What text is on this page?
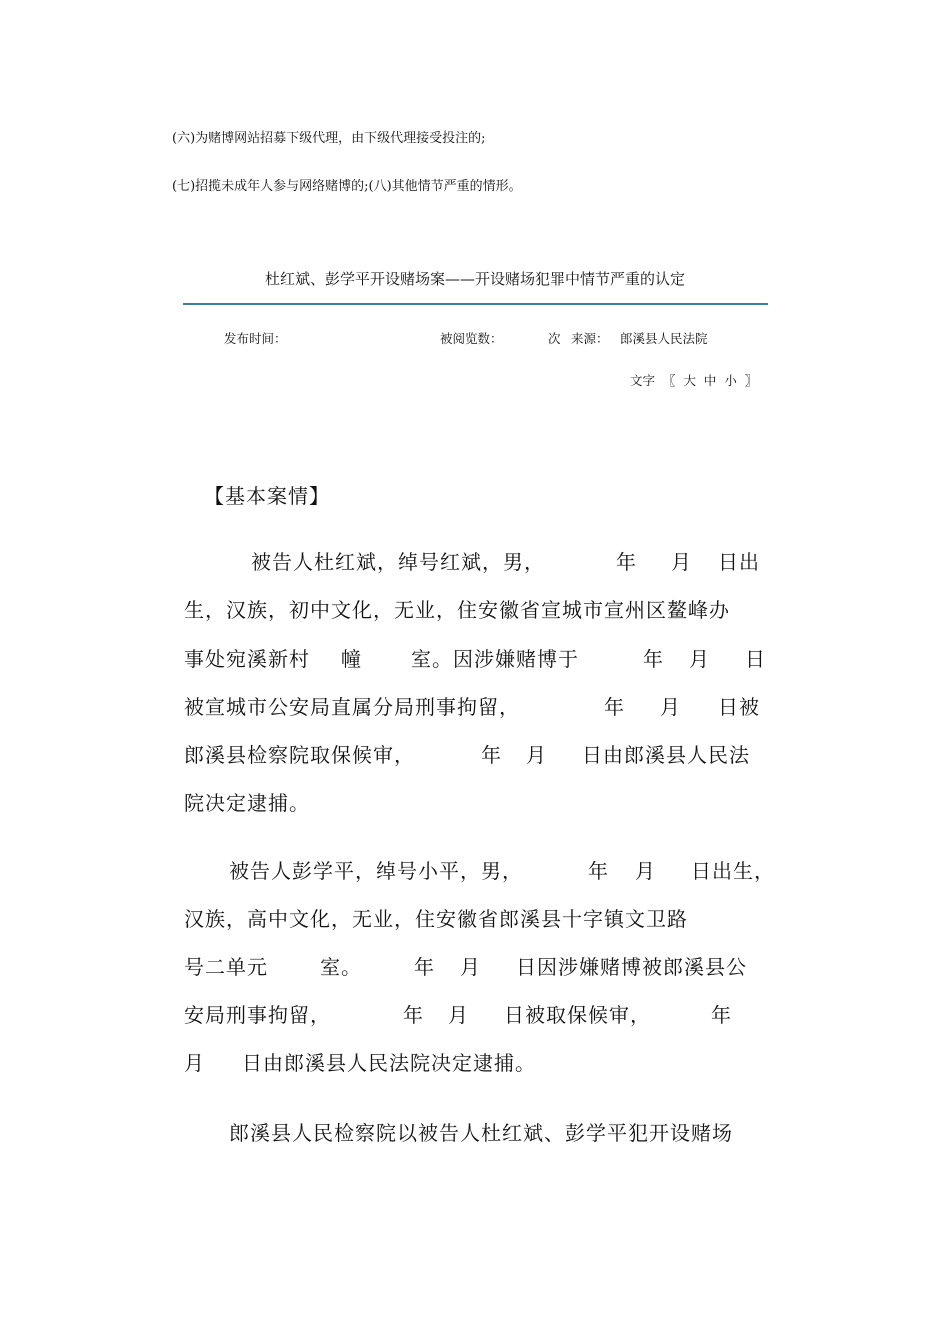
(六)为赌博网站招募下级代理，由下级代理接受投注的;
(七)招揽未成年人参与网络赌博的;(八)其他情节严重的情形。
杜红斌、彭学平开设赌场案——开设赌场犯罪中情节严重的认定
发布时间：	被阅览数：	次 来源： 郎溪县人民法院
文字 〖 大 中 小 〗
【基本案情】
被告人杜红斌，绰号红斌，男，	年 月 日出
生，汉族，初中文化，无业，住安徽省宣城市宣州区鳌峰办
事处宛溪新村 幢 室。因涉嫌赌博于	年 月 日
被宣城市公安局直属分局刑事拘留，	年 月 日被
郎溪县检察院取保候审，	年 月 日由郎溪县人民法
院决定逮捕。
被告人彭学平，绰号小平，男，	年 月 日出生，
汉族，高中文化，无业，住安徽省郎溪县十字镇文卫路
号二单元	室。	年 月 日因涉嫌赌博被郎溪县公
安局刑事拘留，	年 月 日被取保候审，	年
月 日由郎溪县人民法院决定逮捕。
郎溪县人民检察院以被告人杜红斌、彭学平犯开设赌场
